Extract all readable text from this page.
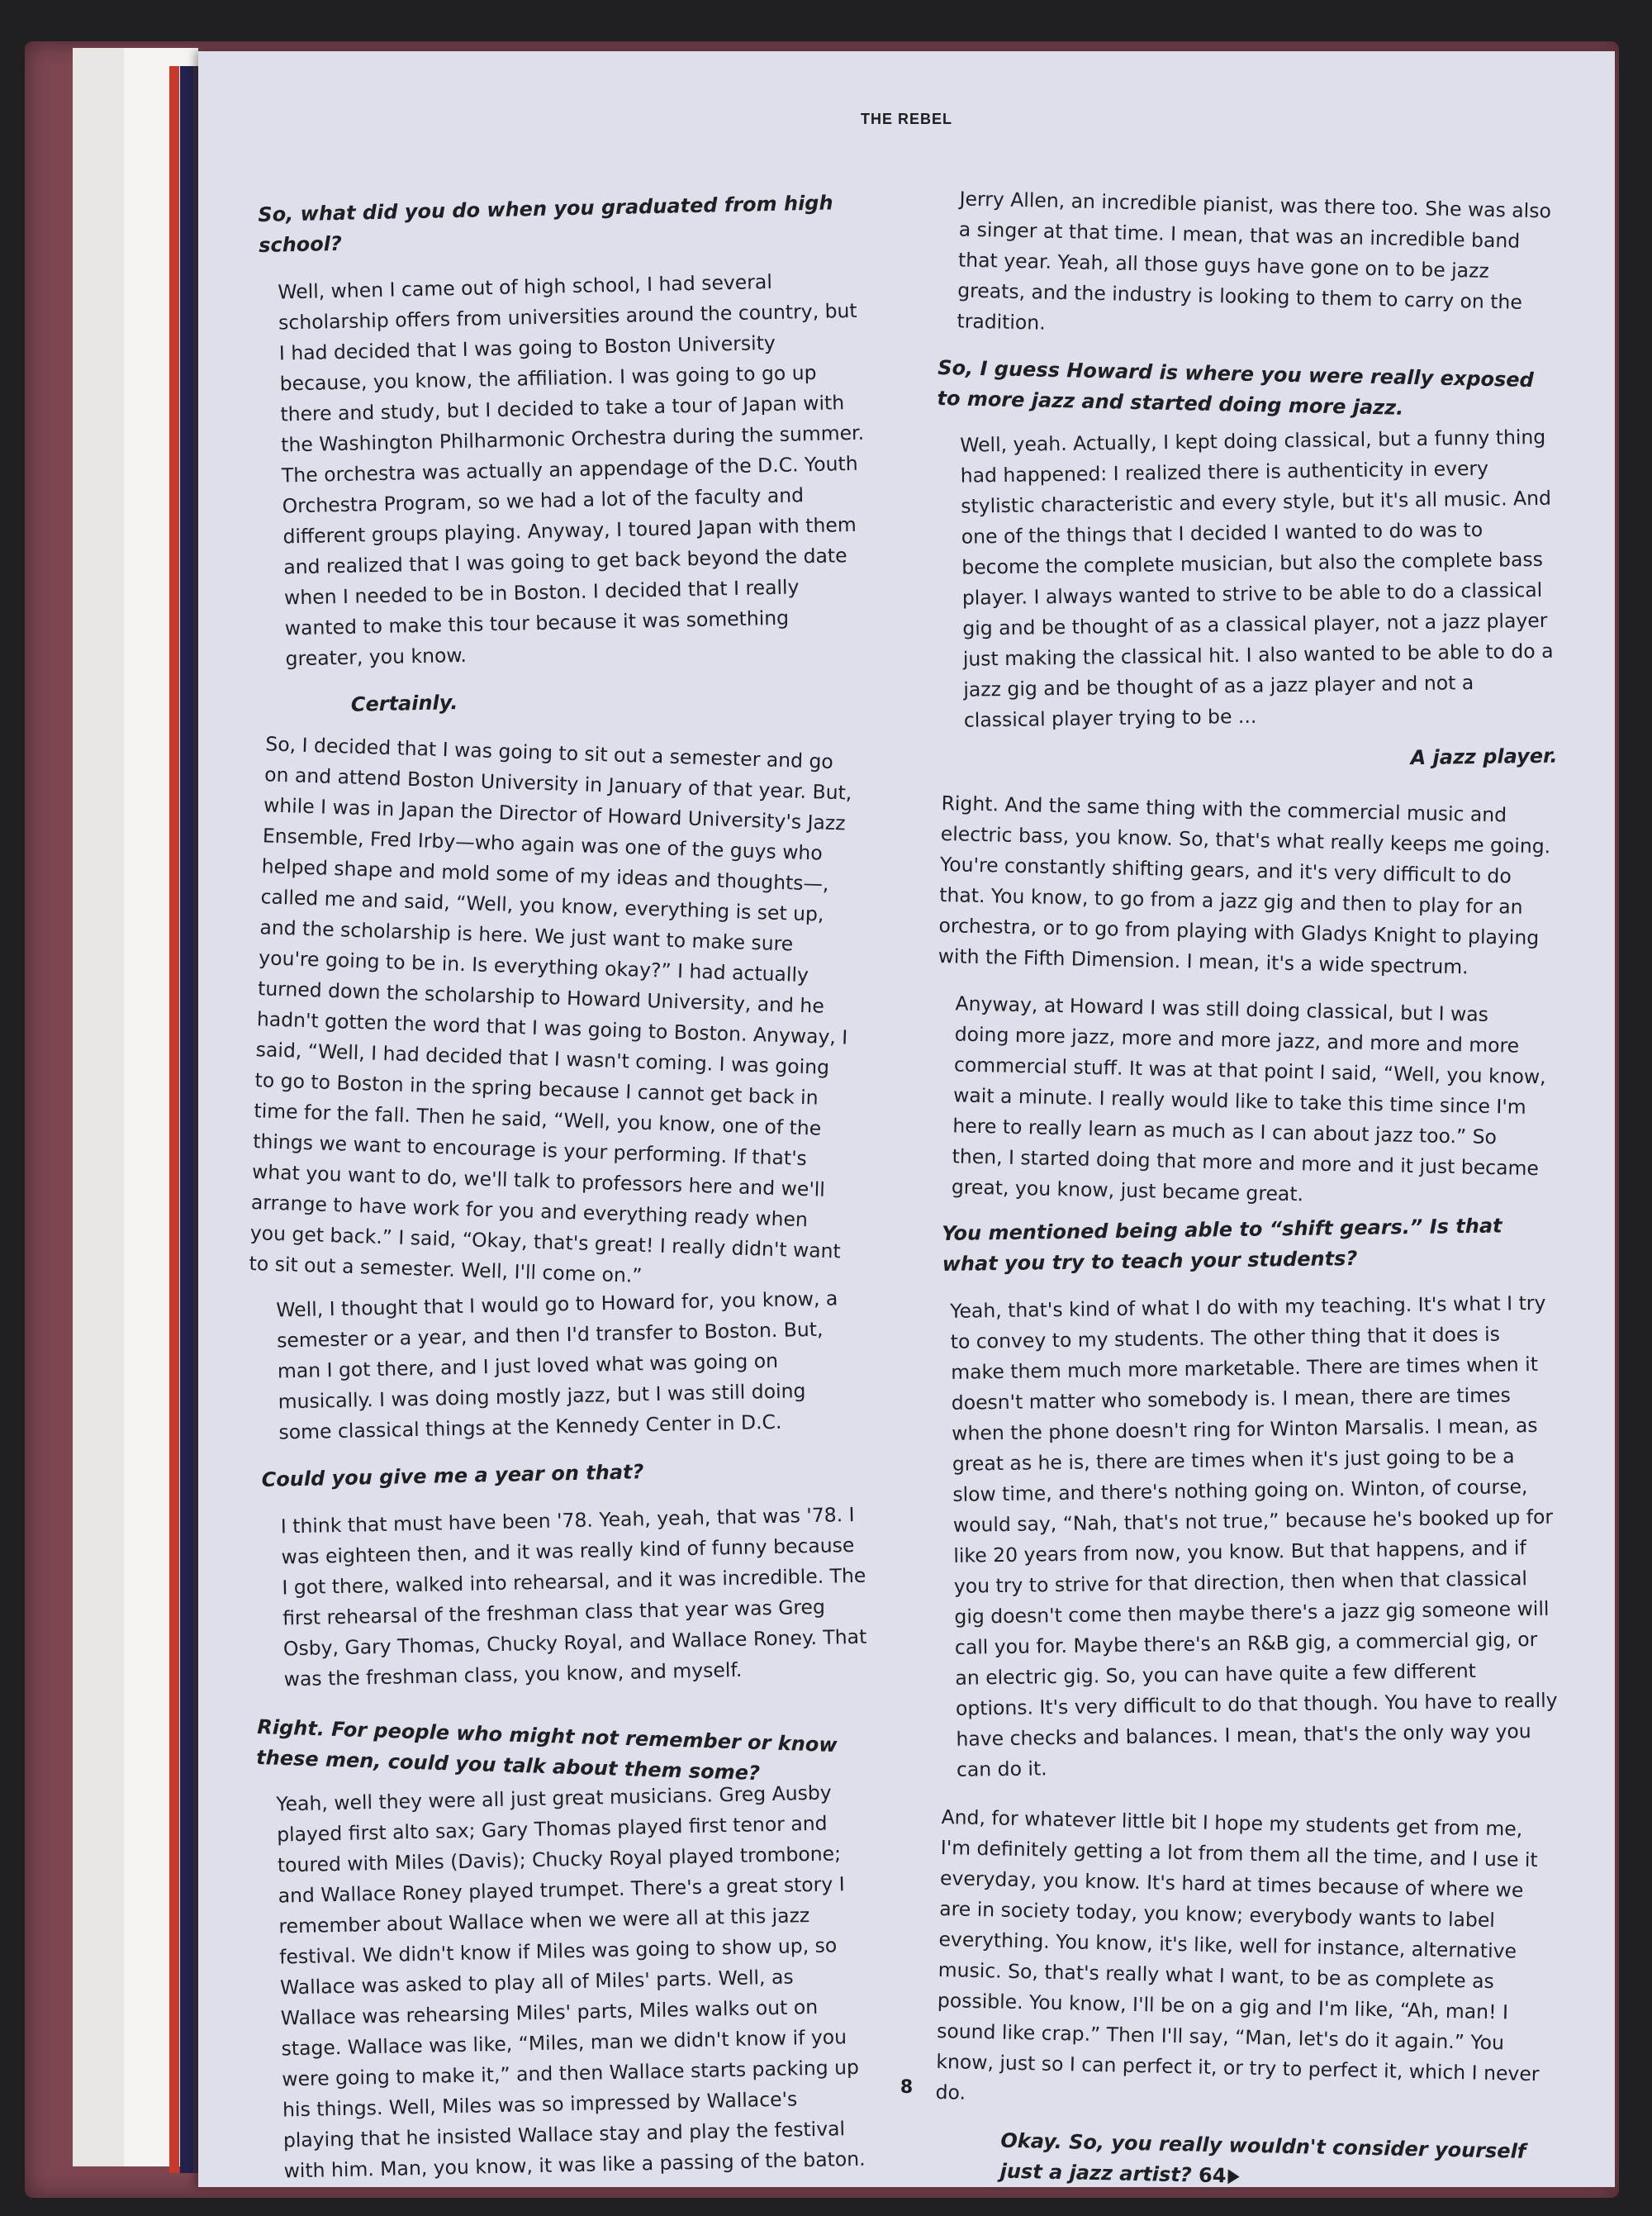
THE REBEL

So, what did you do when you graduated from high school?

Well, when I came out of high school, I had several scholarship offers from universities around the country, but I had decided that I was going to Boston University because, you know, the affiliation. I was going to go up there and study, but I decided to take a tour of Japan with the Washington Philharmonic Orchestra during the summer. The orchestra was actually an appendage of the D.C. Youth Orchestra Program, so we had a lot of the faculty and different groups playing. Anyway, I toured Japan with them and realized that I was going to get back beyond the date when I needed to be in Boston. I decided that I really wanted to make this tour because it was something greater, you know.

Certainly.

So, I decided that I was going to sit out a semester and go on and attend Boston University in January of that year. But, while I was in Japan the Director of Howard University's Jazz Ensemble, Fred Irby—who again was one of the guys who helped shape and mold some of my ideas and thoughts—, called me and said, “Well, you know, everything is set up, and the scholarship is here. We just want to make sure you're going to be in. Is everything okay?” I had actually turned down the scholarship to Howard University, and he hadn't gotten the word that I was going to Boston. Anyway, I said, “Well, I had decided that I wasn't coming. I was going to go to Boston in the spring because I cannot get back in time for the fall. Then he said, “Well, you know, one of the things we want to encourage is your performing. If that's what you want to do, we'll talk to professors here and we'll arrange to have work for you and everything ready when you get back.” I said, “Okay, that's great! I really didn't want to sit out a semester. Well, I'll come on.”

Well, I thought that I would go to Howard for, you know, a semester or a year, and then I'd transfer to Boston. But, man I got there, and I just loved what was going on musically. I was doing mostly jazz, but I was still doing some classical things at the Kennedy Center in D.C.

Could you give me a year on that?

I think that must have been '78. Yeah, yeah, that was '78. I was eighteen then, and it was really kind of funny because I got there, walked into rehearsal, and it was incredible. The first rehearsal of the freshman class that year was Greg Osby, Gary Thomas, Chucky Royal, and Wallace Roney. That was the freshman class, you know, and myself.

Right. For people who might not remember or know these men, could you talk about them some?

Yeah, well they were all just great musicians. Greg Ausby played first alto sax; Gary Thomas played first tenor and toured with Miles (Davis); Chucky Royal played trombone; and Wallace Roney played trumpet. There's a great story I remember about Wallace when we were all at this jazz festival. We didn't know if Miles was going to show up, so Wallace was asked to play all of Miles' parts. Well, as Wallace was rehearsing Miles' parts, Miles walks out on stage. Wallace was like, “Miles, man we didn't know if you were going to make it,” and then Wallace starts packing up his things. Well, Miles was so impressed by Wallace's playing that he insisted Wallace stay and play the festival with him. Man, you know, it was like a passing of the baton.

Jerry Allen, an incredible pianist, was there too. She was also a singer at that time. I mean, that was an incredible band that year. Yeah, all those guys have gone on to be jazz greats, and the industry is looking to them to carry on the tradition.

So, I guess Howard is where you were really exposed to more jazz and started doing more jazz.

Well, yeah. Actually, I kept doing classical, but a funny thing had happened: I realized there is authenticity in every stylistic characteristic and every style, but it's all music. And one of the things that I decided I wanted to do was to become the complete musician, but also the complete bass player. I always wanted to strive to be able to do a classical gig and be thought of as a classical player, not a jazz player just making the classical hit. I also wanted to be able to do a jazz gig and be thought of as a jazz player and not a classical player trying to be ...

A jazz player.

Right. And the same thing with the commercial music and electric bass, you know. So, that's what really keeps me going. You're constantly shifting gears, and it's very difficult to do that. You know, to go from a jazz gig and then to play for an orchestra, or to go from playing with Gladys Knight to playing with the Fifth Dimension. I mean, it's a wide spectrum.

Anyway, at Howard I was still doing classical, but I was doing more jazz, more and more jazz, and more and more commercial stuff. It was at that point I said, “Well, you know, wait a minute. I really would like to take this time since I'm here to really learn as much as I can about jazz too.” So then, I started doing that more and more and it just became great, you know, just became great.

You mentioned being able to “shift gears.” Is that what you try to teach your students?

Yeah, that's kind of what I do with my teaching. It's what I try to convey to my students. The other thing that it does is make them much more marketable. There are times when it doesn't matter who somebody is. I mean, there are times when the phone doesn't ring for Winton Marsalis. I mean, as great as he is, there are times when it's just going to be a slow time, and there's nothing going on. Winton, of course, would say, “Nah, that's not true,” because he's booked up for like 20 years from now, you know. But that happens, and if you try to strive for that direction, then when that classical gig doesn't come then maybe there's a jazz gig someone will call you for. Maybe there's an R&B gig, a commercial gig, or an electric gig. So, you can have quite a few different options. It's very difficult to do that though. You have to really have checks and balances. I mean, that's the only way you can do it.

And, for whatever little bit I hope my students get from me, I'm definitely getting a lot from them all the time, and I use it everyday, you know. It's hard at times because of where we are in society today, you know; everybody wants to label everything. You know, it's like, well for instance, alternative music. So, that's really what I want, to be as complete as possible. You know, I'll be on a gig and I'm like, “Ah, man! I sound like crap.” Then I'll say, “Man, let's do it again.” You know, just so I can perfect it, or try to perfect it, which I never do.

Okay. So, you really wouldn't consider yourself just a jazz artist? 64

8
